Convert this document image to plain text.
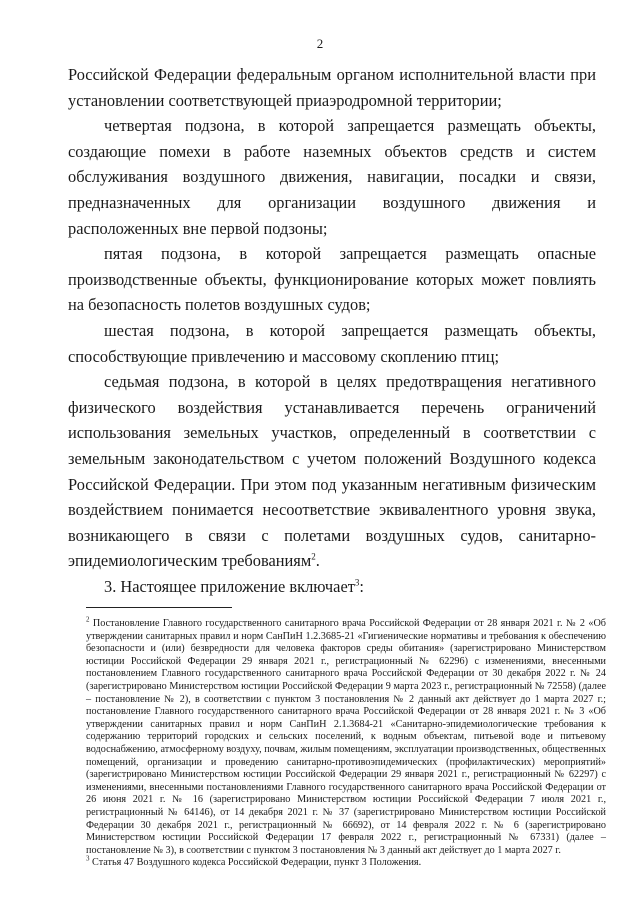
2

Российской Федерации федеральным органом исполнительной власти при установлении соответствующей приаэродромной территории;

четвертая подзона, в которой запрещается размещать объекты, создающие помехи в работе наземных объектов средств и систем обслуживания воздушного движения, навигации, посадки и связи, предназначенных для организации воздушного движения и расположенных вне первой подзоны;

пятая подзона, в которой запрещается размещать опасные производственные объекты, функционирование которых может повлиять на безопасность полетов воздушных судов;

шестая подзона, в которой запрещается размещать объекты, способствующие привлечению и массовому скоплению птиц;

седьмая подзона, в которой в целях предотвращения негативного физического воздействия устанавливается перечень ограничений использования земельных участков, определенный в соответствии с земельным законодательством с учетом положений Воздушного кодекса Российской Федерации. При этом под указанным негативным физическим воздействием понимается несоответствие эквивалентного уровня звука, возникающего в связи с полетами воздушных судов, санитарно-эпидемиологическим требованиям$^2$.

3. Настоящее приложение включает$^3$:

$^2$ Постановление Главного государственного санитарного врача Российской Федерации от 28 января 2021 г. № 2 «Об утверждении санитарных правил и норм СанПиН 1.2.3685-21 «Гигиенические нормативы и требования к обеспечению безопасности и (или) безвредности для человека факторов среды обитания» (зарегистрировано Министерством юстиции Российской Федерации 29 января 2021 г., регистрационный № 62296) с изменениями, внесенными постановлением Главного государственного санитарного врача Российской Федерации от 30 декабря 2022 г. № 24 (зарегистрировано Министерством юстиции Российской Федерации 9 марта 2023 г., регистрационный № 72558) (далее – постановление № 2), в соответствии с пунктом 3 постановления № 2 данный акт действует до 1 марта 2027 г.; постановление Главного государственного санитарного врача Российской Федерации от 28 января 2021 г. № 3 «Об утверждении санитарных правил и норм СанПиН 2.1.3684-21 «Санитарно-эпидемиологические требования к содержанию территорий городских и сельских поселений, к водным объектам, питьевой воде и питьевому водоснабжению, атмосферному воздуху, почвам, жилым помещениям, эксплуатации производственных, общественных помещений, организации и проведению санитарно-противоэпидемических (профилактических) мероприятий» (зарегистрировано Министерством юстиции Российской Федерации 29 января 2021 г., регистрационный № 62297) с изменениями, внесенными постановлениями Главного государственного санитарного врача Российской Федерации от 26 июня 2021 г. № 16 (зарегистрировано Министерством юстиции Российской Федерации 7 июля 2021 г., регистрационный № 64146), от 14 декабря 2021 г. № 37 (зарегистрировано Министерством юстиции Российской Федерации 30 декабря 2021 г., регистрационный № 66692), от 14 февраля 2022 г. № 6 (зарегистрировано Министерством юстиции Российской Федерации 17 февраля 2022 г., регистрационный № 67331) (далее – постановление № 3), в соответствии с пунктом 3 постановления № 3 данный акт действует до 1 марта 2027 г.

$^3$ Статья 47 Воздушного кодекса Российской Федерации, пункт 3 Положения.
